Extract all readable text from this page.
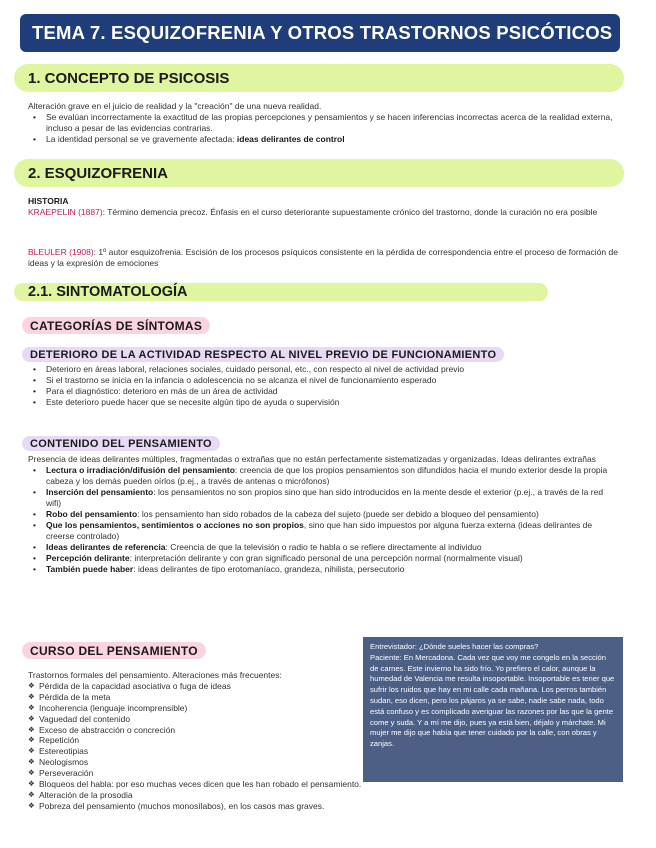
TEMA 7. ESQUIZOFRENIA Y OTROS TRASTORNOS PSICÓTICOS
1. CONCEPTO DE PSICOSIS
Alteración grave en el juicio de realidad y la "creación" de una nueva realidad.
• Se evalúan incorrectamente la exactitud de las propias percepciones y pensamientos y se hacen inferencias incorrectas acerca de la realidad externa, incluso a pesar de las evidencias contrarias.
• La identidad personal se ve gravemente afectada: ideas delirantes de control
2. ESQUIZOFRENIA
HISTORIA
KRAEPELIN (1887): Término demencia precoz. Énfasis en el curso deteriorante supuestamente crónico del trastorno, donde la curación no era posible
BLEULER (1908): 1º autor esquizofrenia. Escisión de los procesos psíquicos consistente en la pérdida de correspondencia entre el proceso de formación de ideas y la expresión de emociones
2.1. SINTOMATOLOGÍA
CATEGORÍAS DE SÍNTOMAS
DETERIORO DE LA ACTIVIDAD RESPECTO AL NIVEL PREVIO DE FUNCIONAMIENTO
• Deterioro en áreas laboral, relaciones sociales, cuidado personal, etc., con respecto al nivel de actividad previo
• Si el trastorno se inicia en la infancia o adolescencia no se alcanza el nivel de funcionamiento esperado
• Para el diagnóstico: deterioro en más de un área de actividad
• Este deterioro puede hacer que se necesite algún tipo de ayuda o supervisión
CONTENIDO DEL PENSAMIENTO
Presencia de ideas delirantes múltiples, fragmentadas o extrañas que no están perfectamente sistematizadas y organizadas. Ideas delirantes extrañas
• Lectura o irradiación/difusión del pensamiento: creencia de que los propios pensamientos son difundidos hacia el mundo exterior desde la propia cabeza y los demás pueden oírlos (p.ej., a través de antenas o micrófonos)
• Inserción del pensamiento: los pensamientos no son propios sino que han sido introducidos en la mente desde el exterior (p.ej., a través de la red wifi)
• Robo del pensamiento: los pensamiento han sido robados de la cabeza del sujeto (puede ser debido a bloqueo del pensamiento)
• Que los pensamientos, sentimientos o acciones no son propios, sino que han sido impuestos por alguna fuerza externa (ideas delirantes de creerse controlado)
• Ideas delirantes de referencia: Creencia de que la televisión o radio te habla o se refiere directamente al individuo
• Percepción delirante: interpretación delirante y con gran significado personal de una percepción normal (normalmente visual)
• También puede haber: ideas delirantes de tipo erotomaníaco, grandeza, nihilista, persecutorio
CURSO DEL PENSAMIENTO
Trastornos formales del pensamiento. Alteraciones más frecuentes:
❖ Pérdida de la capacidad asociativa o fuga de ideas
❖ Pérdida de la meta
❖ Incoherencia (lenguaje incomprensible)
❖ Vaguedad del contenido
❖ Exceso de abstracción o concreción
❖ Repetición
❖ Estereotipias
❖ Neologismos
❖ Perseveración
❖ Bloqueos del habla: por eso muchas veces dicen que les han robado el pensamiento.
❖ Alteración de la prosodia
❖ Pobreza del pensamiento (muchos monosílabos), en los casos mas graves.
Entrevistador: ¿Dónde sueles hacer las compras?
Paciente: En Mercadona. Cada vez que voy me congelo en la sección de carnes. Este invierno ha sido frío. Yo prefiero el calor, aunque la humedad de Valencia me resulta insoportable. Insoportable es tener que sufrir los ruidos que hay en mi calle cada mañana. Los perros también sudan, eso dicen, pero los pájaros ya se sabe, nadie sabe nada, todo está confuso y es complicado averiguar las razones por las que la gente come y suda. Y a mí me dijo, pues ya está bien, déjalo y márchate. Mi mujer me dijo que había que tener cuidado por la calle, con obras y zanjas.
